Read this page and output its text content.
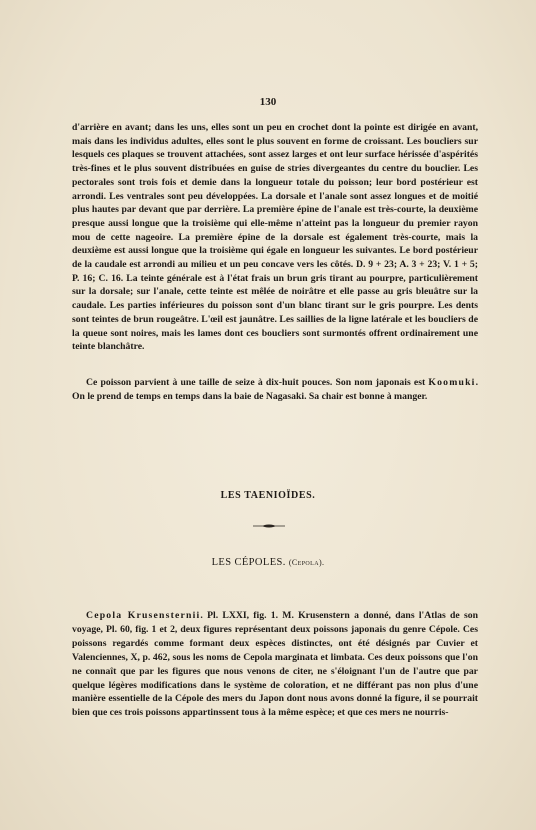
130

d'arrière en avant; dans les uns, elles sont un peu en crochet dont la pointe est dirigée en avant, mais dans les individus adultes, elles sont le plus souvent en forme de croissant. Les boucliers sur lesquels ces plaques se trouvent attachées, sont assez larges et ont leur surface hérissée d'aspérités très-fines et le plus souvent distribuées en guise de stries divergeantes du centre du bouclier. Les pectorales sont trois fois et demie dans la longueur totale du poisson; leur bord postérieur est arrondi. Les ventrales sont peu développées. La dorsale et l'anale sont assez longues et de moitié plus hautes par devant que par derrière. La première épine de l'anale est très-courte, la deuxième presque aussi longue que la troisième qui elle-même n'atteint pas la longueur du premier rayon mou de cette nageoire. La première épine de la dorsale est également très-courte, mais la deuxième est aussi longue que la troisième qui égale en longueur les suivantes. Le bord postérieur de la caudale est arrondi au milieu et un peu concave vers les côtés. D. 9 + 23; A. 3 + 23; V. 1 + 5; P. 16; C. 16. La teinte générale est à l'état frais un brun gris tirant au pourpre, particulièrement sur la dorsale; sur l'anale, cette teinte est mêlée de noirâtre et elle passe au gris bleuâtre sur la caudale. Les parties inférieures du poisson sont d'un blanc tirant sur le gris pourpre. Les dents sont teintes de brun rougeâtre. L'œil est jaunâtre. Les saillies de la ligne latérale et les boucliers de la queue sont noires, mais les lames dont ces boucliers sont surmontés offrent ordinairement une teinte blanchâtre.

Ce poisson parvient à une taille de seize à dix-huit pouces. Son nom japonais est Koomuki. On le prend de temps en temps dans la baie de Nagasaki. Sa chair est bonne à manger.

LES TAENIOÏDES.
LES CÉPOLES. (Cepola).

Cepola Krusensternii. Pl. LXXI, fig. 1. M. Krusenstern a donné, dans l'Atlas de son voyage, Pl. 60, fig. 1 et 2, deux figures représentant deux poissons japonais du genre Cépole. Ces poissons regardés comme formant deux espèces distinctes, ont été désignés par Cuvier et Valenciennes, X, p. 462, sous les noms de Cepola marginata et limbata. Ces deux poissons que l'on ne connaît que par les figures que nous venons de citer, ne s'éloignant l'un de l'autre que par quelque légères modifications dans le système de coloration, et ne différant pas non plus d'une manière essentielle de la Cépole des mers du Japon dont nous avons donné la figure, il se pourrait bien que ces trois poissons appartinssent tous à la même espèce; et que ces mers ne nourris-
